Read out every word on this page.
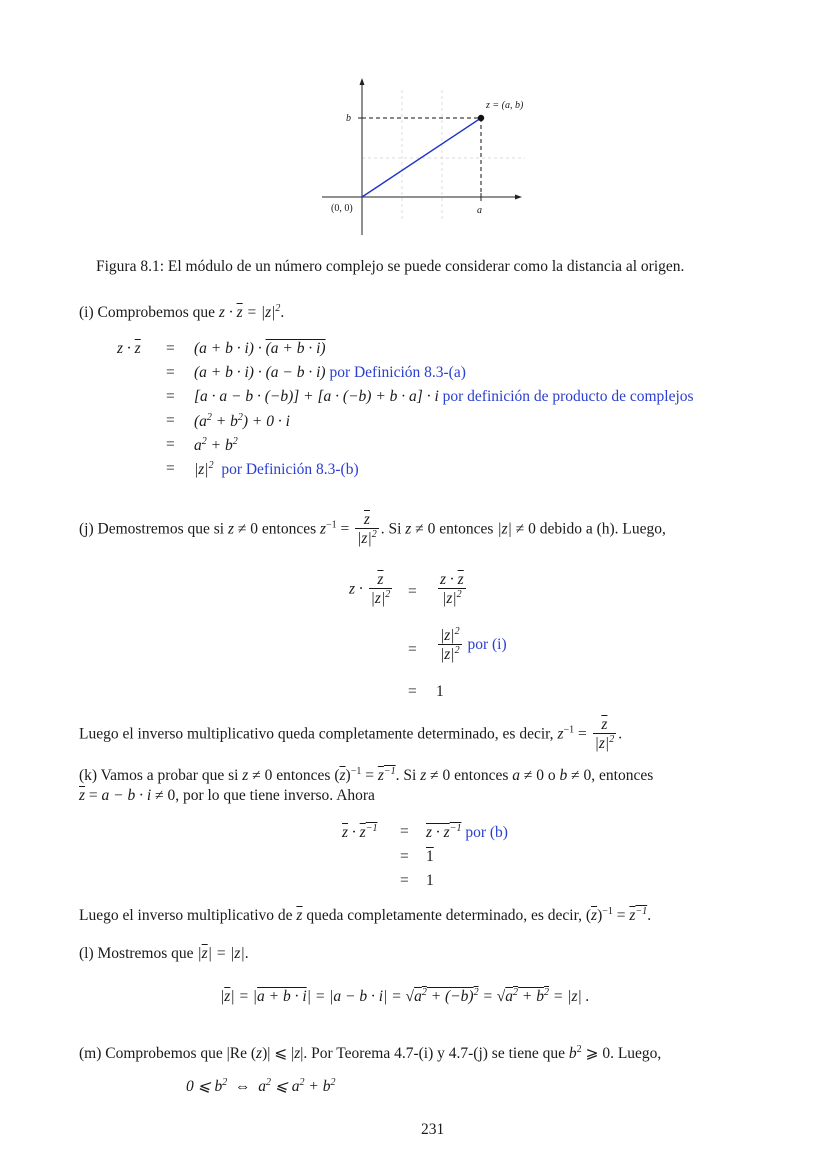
z = (a, b)
b
(0, 0)	a
Figura 8.1: El módulo de un número complejo se puede considerar como la distancia al origen.
(i) Comprobemos que $z \cdot \overline{z} = |z|^2$.
$z \cdot \overline{z} = (a + b \cdot i) \cdot (a + b \cdot i)$
= (a + b · i) · (a − b · i) por Definición 8.3-(a)
= [a · a − b · (−b)] + [a · (−b) + b · a] · i por definición de producto de complejos
= $(a^2 + b^2) + 0 \cdot i$
= $a^2 + b^2$
= $|z|^2$ por Definición 8.3-(b)
(j) Demostremos que si z ≠ 0 entonces $z^{-1} = \frac{\overline{z}}{|z|^2}$ . Si z ≠ 0 entonces |z| ≠ 0 debido a (h). Luego,
$z \cdot \frac{\overline{z}}{|z|^2} = \frac{z \cdot \overline{z}}{|z|^2}$
= $\frac{|z|^2}{|z|^2}$ por (i)
= 1
Luego el inverso multiplicativo queda completamente determinado, es decir, $z^{-1} = \frac{\overline{z}}{|z|^2}$ .
(k) Vamos a probar que si z ≠ 0 entonces $(\overline{z})^{-1} = z^{-1}$. Si z ≠ 0 entonces a ≠ 0 o b ≠ 0, entonces
$\overline{z} = a - b \cdot i \ne 0$, por lo que tiene inverso. Ahora
$\overline{z} \cdot z^{-1} = z \cdot z^{-1}$ por (b)
= 1
= 1
Luego el inverso multiplicativo de $\overline{z}$ queda completamente determinado, es decir, $(\overline{z})^{-1} = z^{-1}$.
(l) Mostremos que $|\overline{z}| = |z|$.
$|\overline{z}| = |a + b \cdot i| = |a - b \cdot i| = √a^2 + (-b)^2 = √a^2 + b^2 = |z|$ .
(m) Comprobemos que |Re (z)| ⩽ |z|. Por Teorema 4.7-(i) y 4.7-(j) se tiene que $b^2$ ⩾ 0. Luego,
0 ⩽ $b^2$ ⇔  $a^2$ ⩽ $a^2 + b^2$
231
